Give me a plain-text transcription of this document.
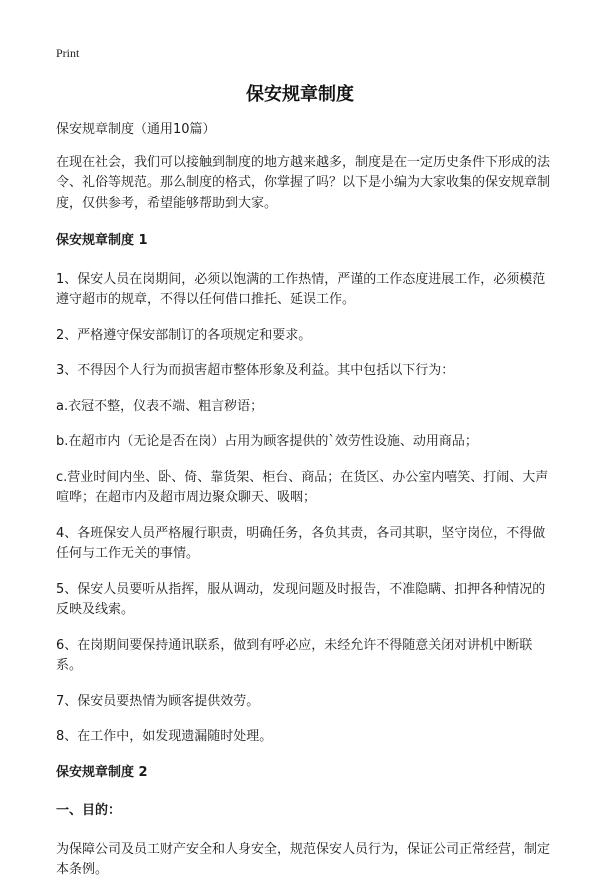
Print
保安规章制度

保安规章制度（通用10篇）

在现在社会，我们可以接触到制度的地方越来越多，制度是在一定历史条件下形成的法令、礼俗等规范。那么制度的格式，你掌握了吗？以下是小编为大家收集的保安规章制度，仅供参考，希望能够帮助到大家。

保安规章制度 1

1、保安人员在岗期间，必须以饱满的工作热情，严谨的工作态度进展工作，必须模范遵守超市的规章，不得以任何借口推托、延误工作。

2、严格遵守保安部制订的各项规定和要求。

3、不得因个人行为而损害超市整体形象及利益。其中包括以下行为：

a.衣冠不整，仪表不端、粗言秽语；

b.在超市内（无论是否在岗）占用为顾客提供的`效劳性设施、动用商品；

c.营业时间内坐、卧、倚、靠货架、柜台、商品；在货区、办公室内嘻笑、打闹、大声喧哗；在超市内及超市周边聚众聊天、吸咽；

4、各班保安人员严格履行职责，明确任务，各负其责，各司其职，坚守岗位，不得做任何与工作无关的事情。

5、保安人员要听从指挥，服从调动，发现问题及时报告，不准隐瞒、扣押各种情况的反映及线索。

6、在岗期间要保持通讯联系，做到有呼必应，未经允许不得随意关闭对讲机中断联系。

7、保安员要热情为顾客提供效劳。

8、在工作中，如发现遗漏随时处理。

保安规章制度 2

一、目的：

为保障公司及员工财产安全和人身安全，规范保安人员行为，保证公司正常经营，制定本条例。
